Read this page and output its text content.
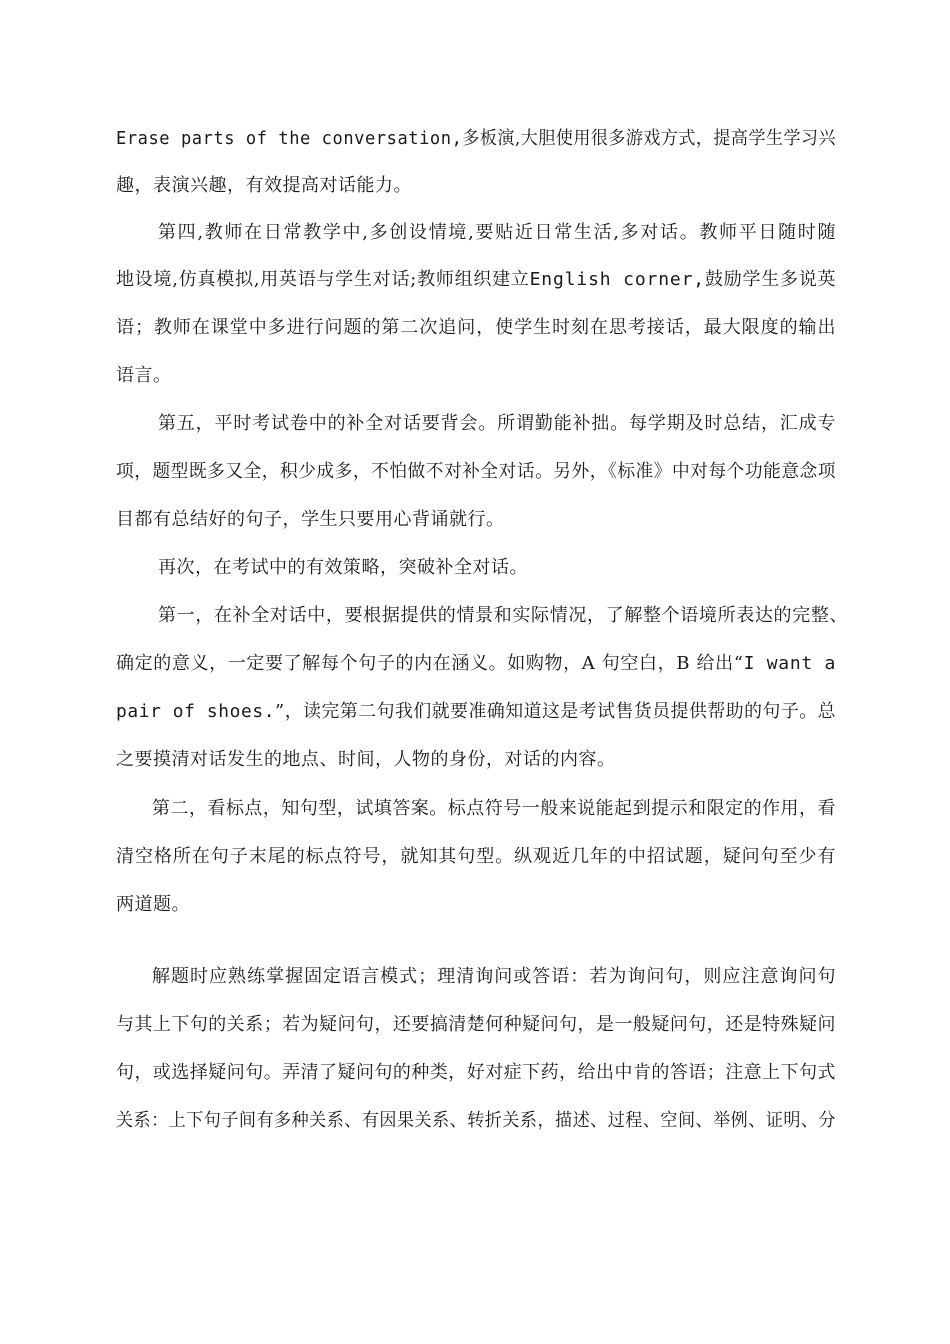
Erase parts of the conversation,多板演,大胆使用很多游戏方式，提高学生学习兴
趣，表演兴趣，有效提高对话能力。
第四,教师在日常教学中,多创设情境,要贴近日常生活,多对话。教师平日随时随
地设境,仿真模拟,用英语与学生对话;教师组织建立English corner,鼓励学生多说英
语；教师在课堂中多进行问题的第二次追问，使学生时刻在思考接话，最大限度的输出
语言。
第五，平时考试卷中的补全对话要背会。所谓勤能补拙。每学期及时总结，汇成专
项，题型既多又全，积少成多，不怕做不对补全对话。另外，《标准》中对每个功能意念项
目都有总结好的句子，学生只要用心背诵就行。
再次，在考试中的有效策略，突破补全对话。
第一，在补全对话中，要根据提供的情景和实际情况，了解整个语境所表达的完整、
确定的意义，一定要了解每个句子的内在涵义。如购物，A 句空白，B 给出“I want a
pair of shoes.”，读完第二句我们就要准确知道这是考试售货员提供帮助的句子。总
之要摸清对话发生的地点、时间，人物的身份，对话的内容。
第二，看标点，知句型，试填答案。标点符号一般来说能起到提示和限定的作用，看
清空格所在句子末尾的标点符号，就知其句型。纵观近几年的中招试题，疑问句至少有
两道题。
解题时应熟练掌握固定语言模式；理清询问或答语：若为询问句，则应注意询问句
与其上下句的关系；若为疑问句，还要搞清楚何种疑问句，是一般疑问句，还是特殊疑问
句，或选择疑问句。弄清了疑问句的种类，好对症下药，给出中肯的答语；注意上下句式
关系：上下句子间有多种关系、有因果关系、转折关系，描述、过程、空间、举例、证明、分
